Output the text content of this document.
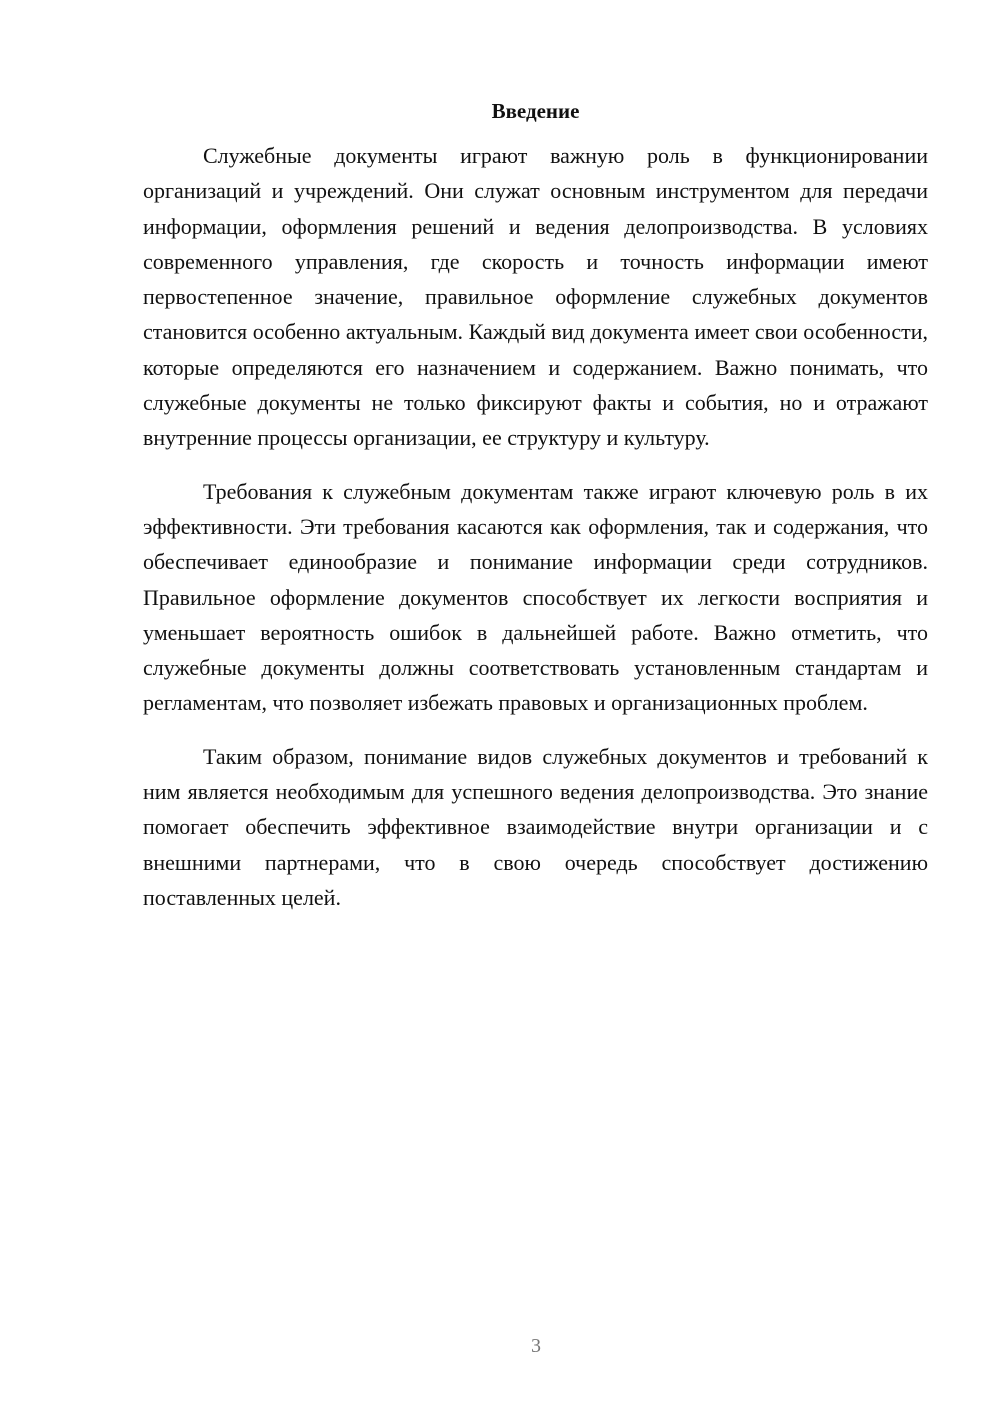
Введение

Служебные документы играют важную роль в функционировании организаций и учреждений. Они служат основным инструментом для передачи информации, оформления решений и ведения делопроизводства. В условиях современного управления, где скорость и точность информации имеют первостепенное значение, правильное оформление служебных документов становится особенно актуальным. Каждый вид документа имеет свои особенности, которые определяются его назначением и содержанием. Важно понимать, что служебные документы не только фиксируют факты и события, но и отражают внутренние процессы организации, ее структуру и культуру.

Требования к служебным документам также играют ключевую роль в их эффективности. Эти требования касаются как оформления, так и содержания, что обеспечивает единообразие и понимание информации среди сотрудников. Правильное оформление документов способствует их легкости восприятия и уменьшает вероятность ошибок в дальнейшей работе. Важно отметить, что служебные документы должны соответствовать установленным стандартам и регламентам, что позволяет избежать правовых и организационных проблем.

Таким образом, понимание видов служебных документов и требований к ним является необходимым для успешного ведения делопроизводства. Это знание помогает обеспечить эффективное взаимодействие внутри организации и с внешними партнерами, что в свою очередь способствует достижению поставленных целей.

3
